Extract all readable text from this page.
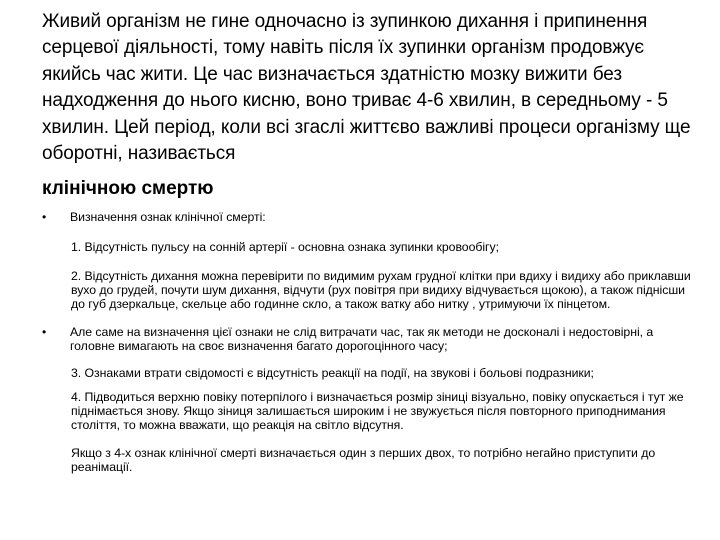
Живий організм не гине одночасно із зупинкою дихання і припинення серцевої діяльності, тому навіть після їх зупинки організм продовжує якийсь час жити. Це час визначається здатністю мозку вижити без надходження до нього кисню, воно триває 4-6 хвилин, в середньому - 5 хвилин. Цей період, коли всі згаслі життєво важливі процеси організму ще оборотні, називається

клінічною смертю

• Визначення ознак клінічної смерті:

1. Відсутність пульсу на сонній артерії - основна ознака зупинки кровообігу;

2. Відсутність дихання можна перевірити по видимим рухам грудної клітки при вдиху і видиху або приклавши вухо до грудей, почути шум дихання, відчути (рух повітря при видиху відчувається щокою), а також піднісши до губ дзеркальце, скельце або годинне скло, а також ватку або нитку , утримуючи їх пінцетом.

• Але саме на визначення цієї ознаки не слід витрачати час, так як методи не досконалі і недостовірні, а головне вимагають на своє визначення багато дорогоцінного часу;

3. Ознаками втрати свідомості є відсутність реакції на події, на звукові і больові подразники;

4. Підводиться верхню повіку потерпілого і визначається розмір зіниці візуально, повіку опускається і тут же піднімається знову. Якщо зіниця залишається широким і не звужується після повторного приподнимания століття, то можна вважати, що реакція на світло відсутня.

Якщо з 4-х ознак клінічної смерті визначається один з перших двох, то потрібно негайно приступити до реанімації.
